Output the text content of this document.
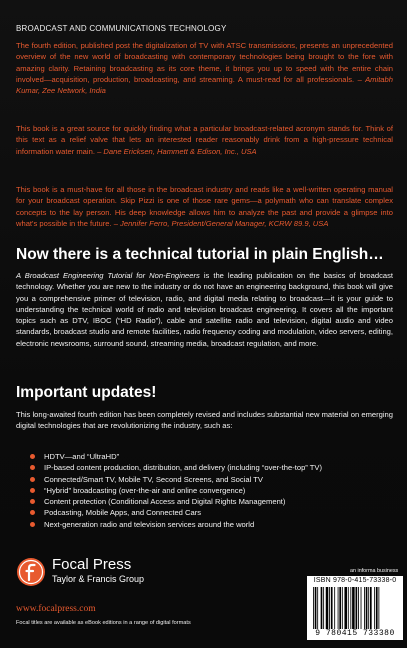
BROADCAST AND COMMUNICATIONS TECHNOLOGY
The fourth edition, published post the digitalization of TV with ATSC transmissions, presents an unprecedented overview of the new world of broadcasting with contemporary technologies being brought to the fore with amazing clarity. Retaining broadcasting as its core theme, it brings you up to speed with the entire chain involved—acquisition, production, broadcasting, and streaming. A must-read for all professionals. – Amitabh Kumar, Zee Network, India
This book is a great source for quickly finding what a particular broadcast-related acronym stands for. Think of this text as a relief valve that lets an interested reader reasonably drink from a high-pressure technical information water main. – Dane Ericksen, Hammett & Edison, Inc., USA
This book is a must-have for all those in the broadcast industry and reads like a well-written operating manual for your broadcast operation. Skip Pizzi is one of those rare gems—a polymath who can translate complex concepts to the lay person. His deep knowledge allows him to analyze the past and provide a glimpse into what's possible in the future. – Jennifer Ferro, President/General Manager, KCRW 89.9, USA
Now there is a technical tutorial in plain English…
A Broadcast Engineering Tutorial for Non-Engineers is the leading publication on the basics of broadcast technology. Whether you are new to the industry or do not have an engineering background, this book will give you a comprehensive primer of television, radio, and digital media relating to broadcast—it is your guide to understanding the technical world of radio and television broadcast engineering. It covers all the important topics such as DTV, IBOC (“HD Radio”), cable and satellite radio and television, digital audio and video standards, broadcast studio and remote facilities, radio frequency coding and modulation, video servers, editing, electronic newsrooms, surround sound, streaming media, broadcast regulation, and more.
Important updates!
This long-awaited fourth edition has been completely revised and includes substantial new material on emerging digital technologies that are revolutionizing the industry, such as:
HDTV—and “UltraHD”
IP-based content production, distribution, and delivery (including “over-the-top” TV)
Connected/Smart TV, Mobile TV, Second Screens, and Social TV
“Hybrid” broadcasting (over-the-air and online convergence)
Content protection (Conditional Access and Digital Rights Management)
Podcasting, Mobile Apps, and Connected Cars
Next-generation radio and television services around the world
Focal Press
Taylor & Francis Group
www.focalpress.com
Focal titles are available as eBook editions in a range of digital formats
an informa business
ISBN 978-0-415-73338-0
9 780415 733380
